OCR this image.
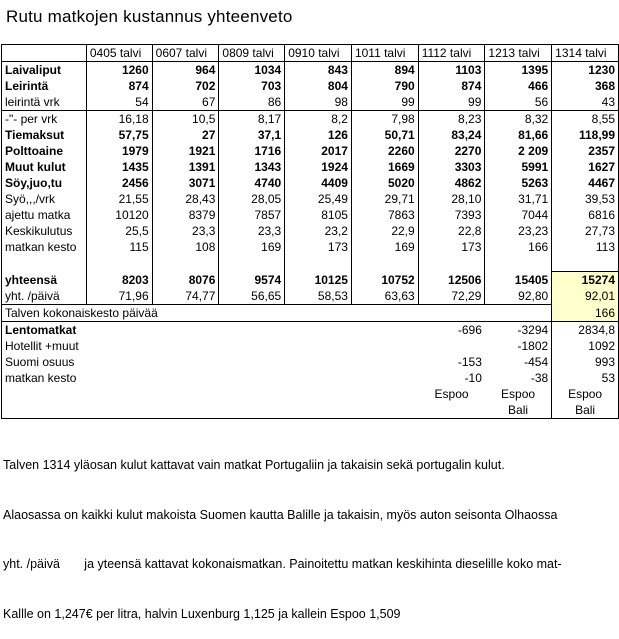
Rutu matkojen kustannus yhteenveto
	0405 talvi	0607 talvi	0809 talvi	0910 talvi	1011 talvi	1112 talvi	1213 talvi	1314 talvi
Laivaliput	1260	964	1034	843	894	1103	1395	1230
Leirintä	874	702	703	804	790	874	466	368
leirintä vrk	54	67	86	98	99	99	56	43
-"- per vrk	16,18	10,5	8,17	8,2	7,98	8,23	8,32	8,55
Tiemaksut	57,75	27	37,1	126	50,71	83,24	81,66	118,99
Polttoaine	1979	1921	1716	2017	2260	2270	2 209	2357
Muut kulut	1435	1391	1343	1924	1669	3303	5991	1627
Söy,juo,tu	2456	3071	4740	4409	5020	4862	5263	4467
Syö,,,/vrk	21,55	28,43	28,05	25,49	29,71	28,10	31,71	39,53
ajettu matka	10120	8379	7857	8105	7863	7393	7044	6816
Keskikulutus	25,5	23,3	23,3	23,2	22,9	22,8	23,23	27,73
matkan kesto	115	108	169	173	169	173	166	113

yhteensä	8203	8076	9574	10125	10752	12506	15405	15274
yht. /päivä	71,96	74,77	56,65	58,53	63,63	72,29	92,80	92,01
Talven kokonaiskesto päivää								166
Lentomatkat						-696	-3294	2834,8
Hotellit +muut							-1802	1092
Suomi osuus						-153	-454	993
matkan kesto						-10	-38	53
						Espoo	Espoo	Espoo
							Bali	Bali

Talven 1314 yläosan kulut kattavat vain matkat Portugaliin ja takaisin sekä portugalin kulut.

Alaosassa on kaikki kulut makoista Suomen kautta Balille ja takaisin, myös auton seisonta Olhaossa

yht. /päivä       ja yteensä kattavat kokonaismatkan. Painoitettu matkan keskihinta dieselille koko mat-

Kallle on 1,247€ per litra, halvin Luxenburg 1,125 ja kallein Espoo 1,509
